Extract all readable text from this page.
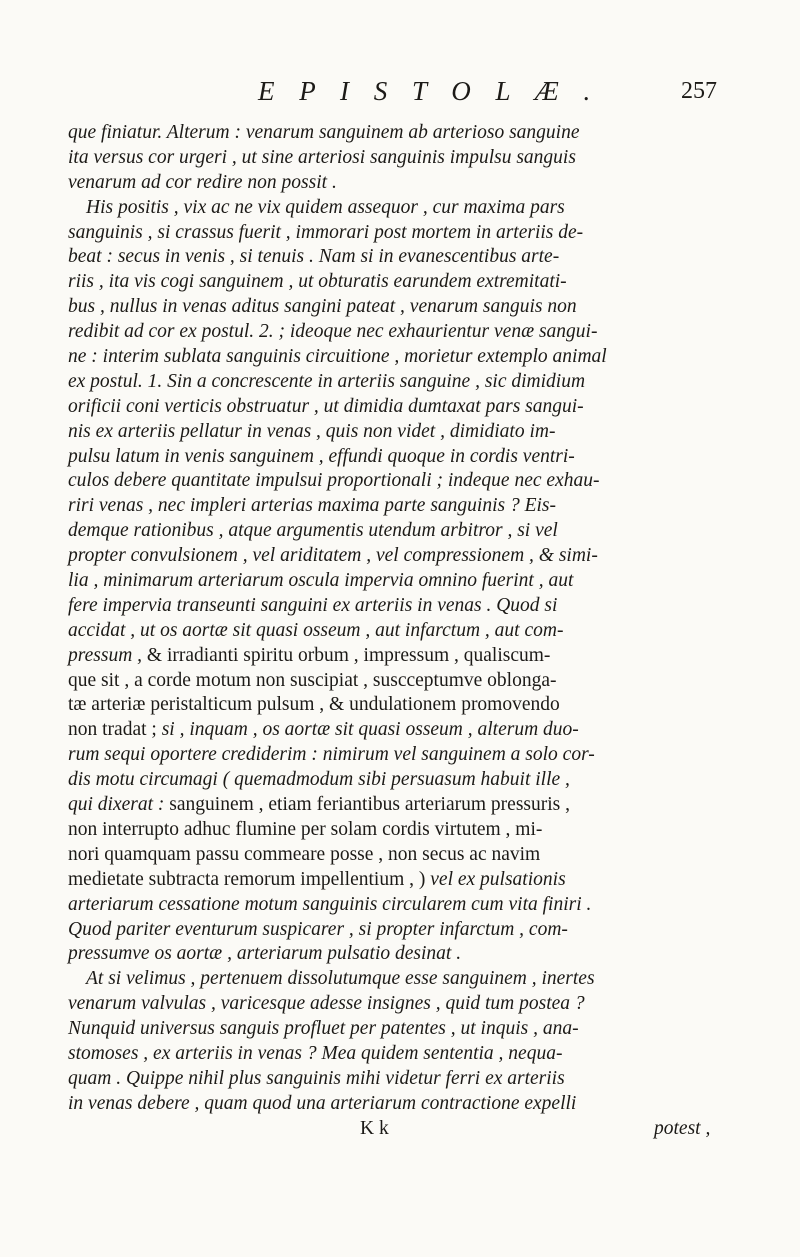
E P I S T O L Æ .	257
que finiatur. Alterum : venarum sanguinem ab arterioso sanguine
ita versus cor urgeri , ut sine arteriosi sanguinis impulsu sanguis
venarum ad cor redire non possit .
His positis , vix ac ne vix quidem assequor , cur maxima pars
sanguinis , si crassus fuerit , immorari post mortem in arteriis de-
beat : secus in venis , si tenuis . Nam si in evanescentibus arte-
riis , ita vis cogi sanguinem , ut obturatis earundem extremitati-
bus , nullus in venas aditus sangini pateat , venarum sanguis non
redibit ad cor ex postul. 2. ; ideoque nec exhaurientur venæ sangui-
ne : interim sublata sanguinis circuitione , morietur extemplo animal
ex postul. 1. Sin a concrescente in arteriis sanguine , sic dimidium
orificii coni verticis obstruatur , ut dimidia dumtaxat pars sangui-
nis ex arteriis pellatur in venas , quis non videt , dimidiato im-
pulsu latum in venis sanguinem , effundi quoque in cordis ventri-
culos debere quantitate impulsui proportionali ; indeque nec exhau-
riri venas , nec impleri arterias maxima parte sanguinis ? Eis-
demque rationibus , atque argumentis utendum arbitror , si vel
propter convulsionem , vel ariditatem , vel compressionem , & simi-
lia , minimarum arteriarum oscula impervia omnino fuerint , aut
fere impervia transeunti sanguini ex arteriis in venas . Quod si
accidat , ut os aortæ sit quasi osseum , aut infarctum , aut com-
pressum , & irradianti spiritu orbum , impressum , qualiscum-
que sit , a corde motum non suscipiat , suscceptumve oblonga-
tæ arteriæ peristalticum pulsum , & undulationem promovendo
non tradat ; si , inquam , os aortæ sit quasi osseum , alterum duo-
rum sequi oportere crediderim : nimirum vel sanguinem a solo cor-
dis motu circumagi ( quemadmodum sibi persuasum habuit ille ,
qui dixerat : sanguinem , etiam feriantibus arteriarum pressuris ,
non interrupto adhuc flumine per solam cordis virtutem , mi-
nori quamquam passu commeare posse , non secus ac navim
medietate subtracta remorum impellentium , ) vel ex pulsationis
arteriarum cessatione motum sanguinis circularem cum vita finiri .
Quod pariter eventurum suspicarer , si propter infarctum , com-
pressumve os aortæ , arteriarum pulsatio desinat .
At si velimus , pertenuem dissolutumque esse sanguinem , inertes
venarum valvulas , varicesque adesse insignes , quid tum postea ?
Nunquid universus sanguis profluet per patentes , ut inquis , ana-
stomoses , ex arteriis in venas ? Mea quidem sententia , nequa-
quam . Quippe nihil plus sanguinis mihi videtur ferri ex arteriis
in venas debere , quam quod una arteriarum contractione expelli
K k	potest ,
